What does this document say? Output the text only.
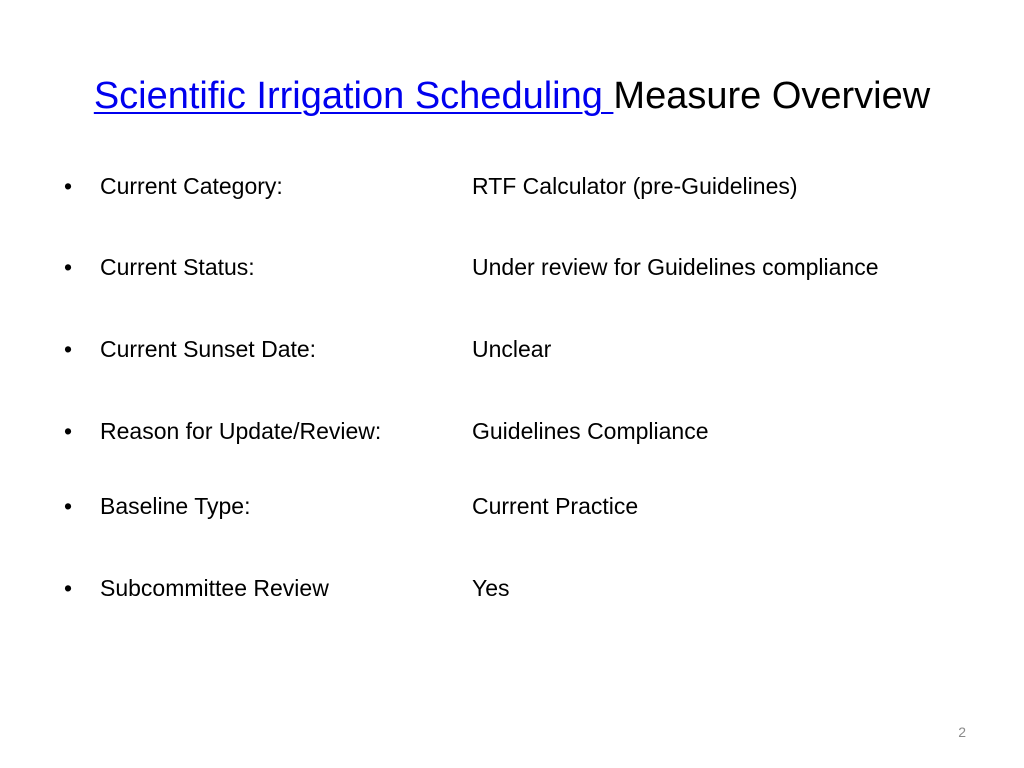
Scientific Irrigation Scheduling Measure Overview
• Current Category:	RTF Calculator (pre-Guidelines)
• Current Status:	Under review for Guidelines compliance
• Current Sunset Date:	Unclear
• Reason for Update/Review:	Guidelines Compliance
• Baseline Type:	Current Practice
• Subcommittee Review	Yes
2
